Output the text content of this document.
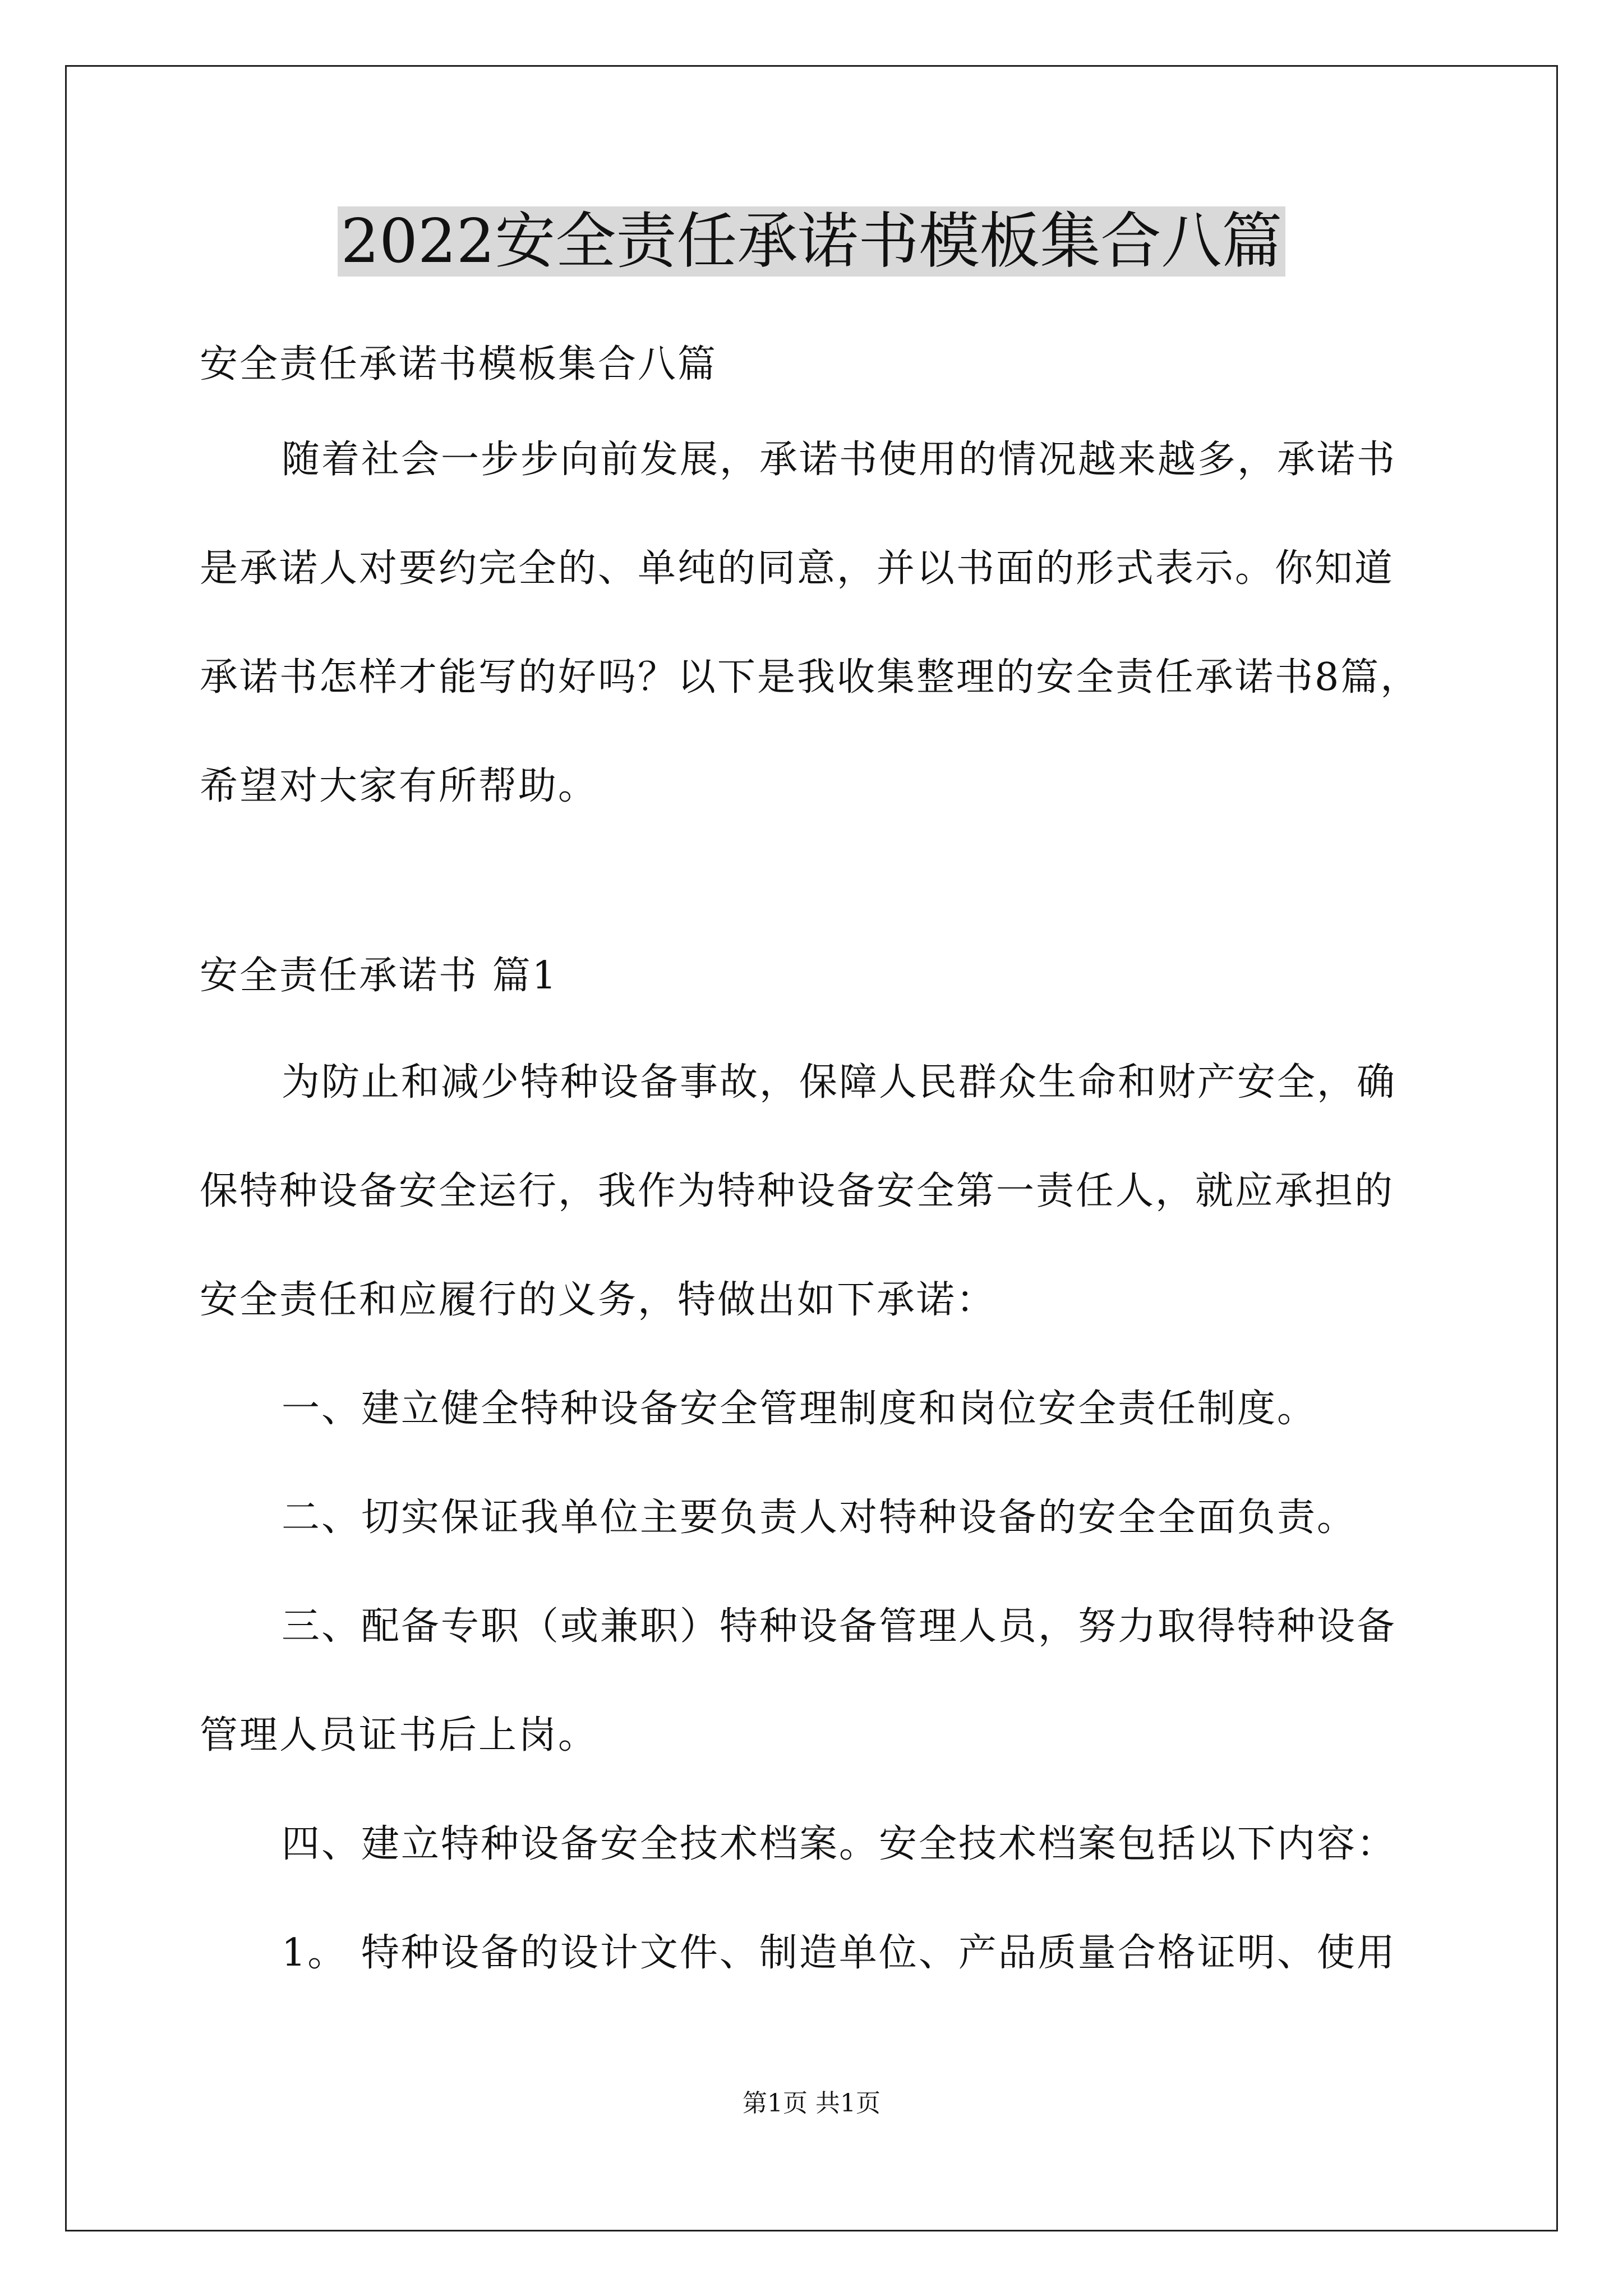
2022安全责任承诺书模板集合八篇
安全责任承诺书模板集合八篇
随着社会一步步向前发展，承诺书使用的情况越来越多，承诺书
是承诺人对要约完全的、单纯的同意，并以书面的形式表示。你知道
承诺书怎样才能写的好吗？以下是我收集整理的安全责任承诺书8篇，
希望对大家有所帮助。
安全责任承诺书 篇1
为防止和减少特种设备事故，保障人民群众生命和财产安全，确
保特种设备安全运行，我作为特种设备安全第一责任人，就应承担的
安全责任和应履行的义务，特做出如下承诺：
一、建立健全特种设备安全管理制度和岗位安全责任制度。
二、切实保证我单位主要负责人对特种设备的安全全面负责。
三、配备专职（或兼职）特种设备管理人员，努力取得特种设备
管理人员证书后上岗。
四、建立特种设备安全技术档案。安全技术档案包括以下内容：
1。 特种设备的设计文件、制造单位、产品质量合格证明、使用
第1页 共1页
